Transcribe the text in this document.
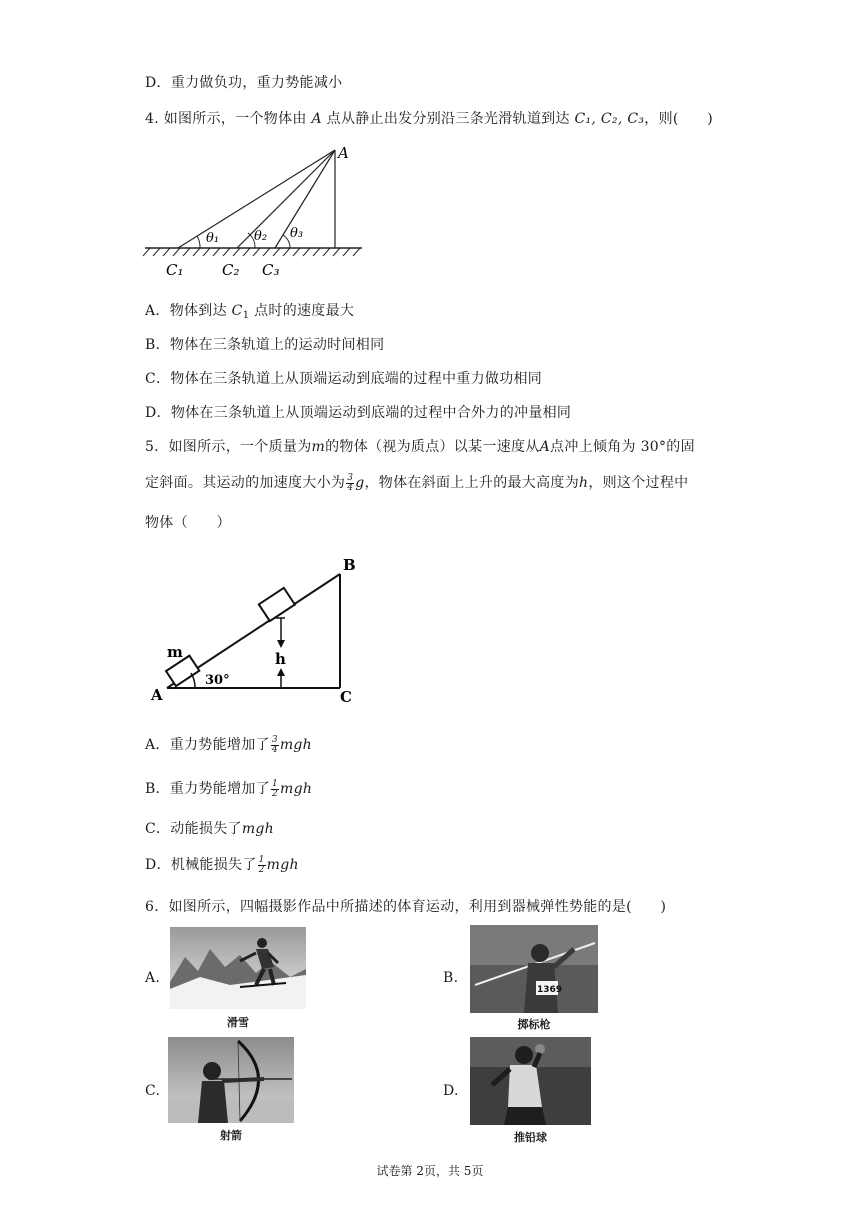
D．重力做负功，重力势能减小
4. 如图所示，一个物体由 A 点从静止出发分别沿三条光滑轨道到达 C₁, C₂, C₃，则(　　)
A
θ₁	θ₂ θ₃
C₁	C₂ C₃
A．物体到达 $C_1$ 点时的速度最大
B．物体在三条轨道上的运动时间相同
C．物体在三条轨道上从顶端运动到底端的过程中重力做功相同
D．物体在三条轨道上从顶端运动到底端的过程中合外力的冲量相同
5．如图所示，一个质量为m的物体（视为质点）以某一速度从A点冲上倾角为 30°的固
定斜面。其运动的加速度大小为 $\frac{3}{4}$ g，物体在斜面上上升的最大高度为h，则这个过程中
物体（　　）
B
m	h
30°
A	C
A．重力势能增加了 $\frac{3}{4}$ mgh
B．重力势能增加了 $\frac{1}{2}$ mgh
C．动能损失了mgh
D．机械能损失了 $\frac{1}{2}$ mgh
6．如图所示，四幅摄影作品中所描述的体育运动，利用到器械弹性势能的是(　　)
A.
滑雪
B.
1369
掷标枪
C.
射箭
D.
推铅球
试卷第 2页，共 5页
